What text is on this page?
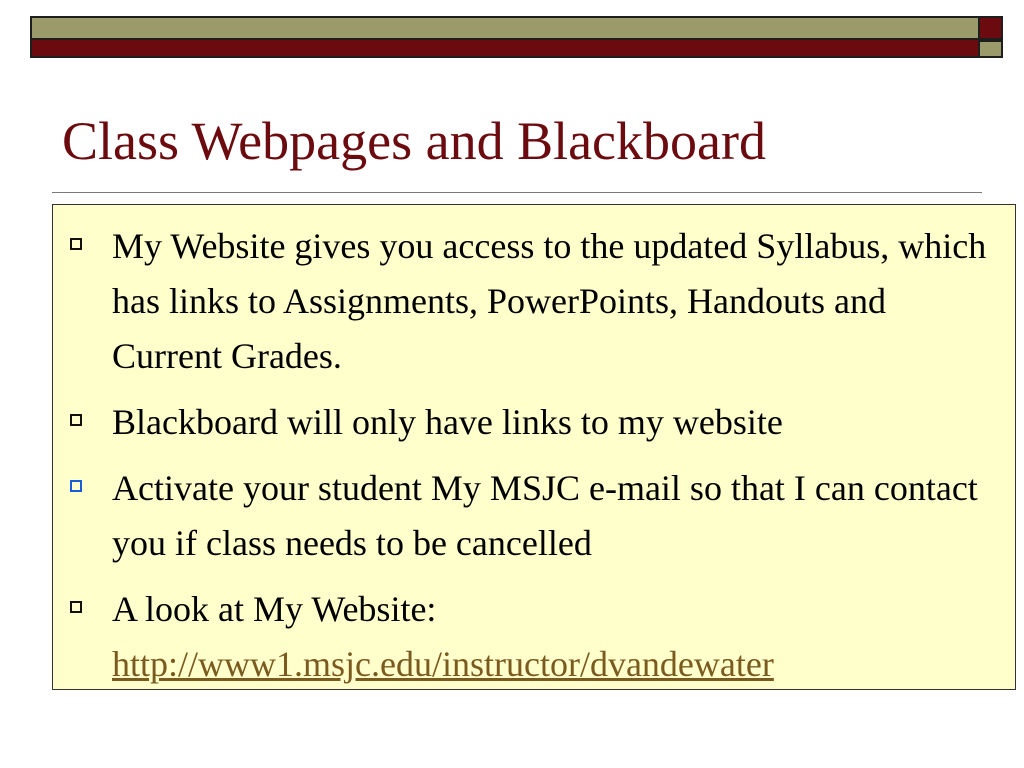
Class Webpages and Blackboard
My Website gives you access to the updated Syllabus, which has links to Assignments, PowerPoints, Handouts and Current Grades.
Blackboard will only have links to my website
Activate your student My MSJC e-mail so that I can contact you if class needs to be cancelled
A look at My Website:
http://www1.msjc.edu/instructor/dvandewater
